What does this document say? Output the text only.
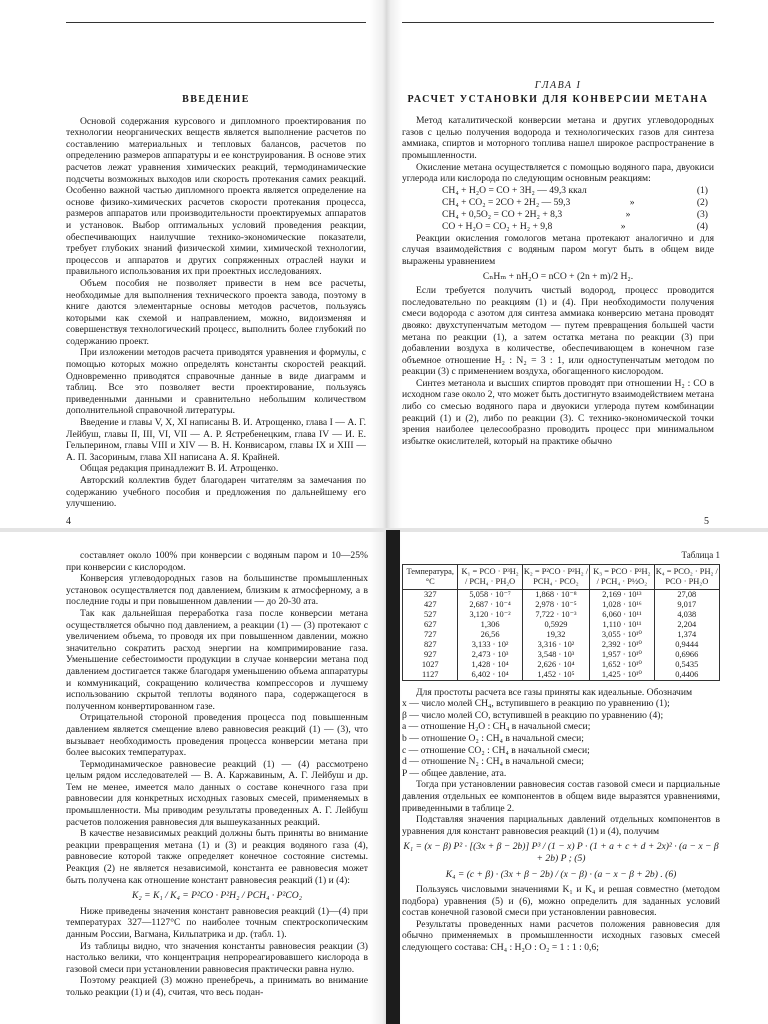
ВВЕДЕНИЕ

Основой содержания курсового и дипломного проектирования по технологии неорганических веществ является выполнение расчетов по составлению материальных и тепловых балансов, расчетов по определению размеров аппаратуры и ее конструирования. В основе этих расчетов лежат уравнения химических реакций, термодинамические подсчеты возможных выходов или скорость протекания самих реакций. Особенно важной частью дипломного проекта является определение на основе физико-химических расчетов скорости протекания процесса, размеров аппаратов или производительности проектируемых аппаратов и установок. Выбор оптимальных условий проведения реакции, обеспечивающих наилучшие технико-экономические показатели, требует глубоких знаний физической химии, химической технологии, процессов и аппаратов и других сопряженных отраслей науки и правильного использования их при проектных исследованиях.

Объем пособия не позволяет привести в нем все расчеты, необходимые для выполнения технического проекта завода, поэтому в книге даются элементарные основы методов расчетов, пользуясь которыми как схемой и направлением, можно, видоизменяя и совершенствуя технологический процесс, выполнить более глубокий по содержанию проект.

При изложении методов расчета приводятся уравнения и формулы, с помощью которых можно определять константы скоростей реакций. Одновременно приводятся справочные данные в виде диаграмм и таблиц. Все это позволяет вести проектирование, пользуясь приведенными данными и сравнительно небольшим количеством дополнительной справочной литературы.

Введение и главы V, X, XI написаны В. И. Атрощенко, глава I — А. Г. Лейбуш, главы II, III, VI, VII — А. Р. Ястребенецким, глава IV — И. Е. Гельперином, главы VIII и XIV — В. Н. Конвисаром, главы IX и XIII — А. П. Засориным, глава XII написана А. Я. Крайней.

Общая редакция принадлежит В. И. Атрощенко.

Авторский коллектив будет благодарен читателям за замечания по содержанию учебного пособия и предложения по дальнейшему его улучшению.

4
ГЛАВА I
РАСЧЕТ УСТАНОВКИ ДЛЯ КОНВЕРСИИ МЕТАНА

Метод каталитической конверсии метана и других углеводородных газов с целью получения водорода и технологических газов для синтеза аммиака, спиртов и моторного топлива нашел широкое распространение в промышленности.

Окисление метана осуществляется с помощью водяного пара, двуокиси углерода или кислорода по следующим основным реакциям:

CH₄ + H₂O = CO + 3H₂ — 49,3 ккал	(1)
CH₄ + CO₂ = 2CO + 2H₂ — 59,3	»	(2)
CH₄ + 0,5O₂ = CO + 2H₂ + 8,3	»	(3)
CO + H₂O = CO₂ + H₂ + 9,8	»	(4)

Реакции окисления гомологов метана протекают аналогично и для случая взаимодействия с водяным паром могут быть в общем виде выражены уравнением

CₙHₘ + nH₂O = nCO + (2n + m)/2 H₂.

Если требуется получить чистый водород, процесс проводится последовательно по реакциям (1) и (4). При необходимости получения смеси водорода с азотом для синтеза аммиака конверсию метана проводят двояко: двухступенчатым методом — путем превращения большей части метана по реакции (1), а затем остатка метана по реакции (3) при добавлении воздуха в количестве, обеспечивающем в конечном газе объемное отношение H₂ : N₂ = 3 : 1, или одноступенчатым методом по реакции (3) с применением воздуха, обогащенного кислородом.

Синтез метанола и высших спиртов проводят при отношении H₂ : CO в исходном газе около 2, что может быть достигнуто взаимодействием метана либо со смесью водяного пара и двуокиси углерода путем комбинации реакций (1) и (2), либо по реакции (3). С технико-экономической точки зрения наиболее целесообразно проводить процесс при минимальном избытке окислителей, который на практике обычно

5

составляет около 100% при конверсии с водяным паром и 10—25% при конверсии с кислородом.

Конверсия углеводородных газов на большинстве промышленных установок осуществляется под давлением, близким к атмосферному, а в последние годы и при повышенном давлении — до 20-30 ата.

Так как дальнейшая переработка газа после конверсии метана осуществляется обычно под давлением, а реакции (1) — (3) протекают с увеличением объема, то проводя их при повышенном давлении, можно значительно сократить расход энергии на компримирование газа. Уменьшение себестоимости продукции в случае конверсии метана под давлением достигается также благодаря уменьшению объема аппаратуры и коммуникаций, сокращению количества компрессоров и лучшему использованию скрытой теплоты водяного пара, содержащегося в полученном конвертированном газе.

Отрицательной стороной проведения процесса под повышенным давлением является смещение влево равновесия реакций (1) — (3), что вызывает необходимость проведения процесса конверсии метана при более высоких температурах.

Термодинамическое равновесие реакций (1) — (4) рассмотрено целым рядом исследователей — В. А. Каржавиным, А. Г. Лейбуш и др. Тем не менее, имеется мало данных о составе конечного газа при равновесии для конкретных исходных газовых смесей, применяемых в промышленности. Мы приводим результаты проведенных А. Г. Лейбуш расчетов положения равновесия для вышеуказанных реакций.

В качестве независимых реакций должны быть приняты во внимание реакции превращения метана (1) и (3) и реакция водяного газа (4), равновесие которой также определяет конечное состояние системы. Реакция (2) не является независимой, константа ее равновесия может быть получена как отношение констант равновесия реакций (1) и (4):

K₂ = K₁ / K₄ = P²CO · P²H₂ / PCH₄ · P²CO₂

Ниже приведены значения констант равновесия реакций (1)—(4) при температурах 327—1127°С по наиболее точным спектроскопическим данным России, Вагмана, Кильпатрика и др. (табл. 1).

Из таблицы видно, что значения константы равновесия реакции (3) настолько велики, что концентрация непрореагировавшего кислорода в газовой смеси при установлении равновесия практически равна нулю.

Поэтому реакцией (3) можно пренебречь, а принимать во внимание только реакции (1) и (4), считая, что весь подан-

Таблица 1
Температура, °С	K₁ = PCO · P³H₂ / PCH₄ · PH₂O	K₂ = P²CO · P²H₂ / PCH₄ · PCO₂	K₃ = PCO · P²H₂ / PCH₄ · P½O₂	K₄ = PCO₂ · PH₂ / PCO · PH₂O
327	5,058 · 10⁻⁷	1,868 · 10⁻⁸	2,169 · 10¹³	27,08
427	2,687 · 10⁻⁴	2,978 · 10⁻⁵	1,028 · 10¹⁶	9,017
527	3,120 · 10⁻²	7,722 · 10⁻³	6,060 · 10¹¹	4,038
627	1,306	0,5929	1,110 · 10¹¹	2,204
727	26,56	19,32	3,055 · 10¹⁰	1,374
827	3,133 · 10²	3,316 · 10²	2,392 · 10¹⁰	0,9444
927	2,473 · 10³	3,548 · 10³	1,957 · 10¹⁰	0,6966
1027	1,428 · 10⁴	2,626 · 10⁴	1,652 · 10¹⁰	0,5435
1127	6,402 · 10⁴	1,452 · 10⁵	1,425 · 10¹⁰	0,4406

Для простоты расчета все газы приняты как идеальные. Обозначим

x — число молей CH₄, вступившего в реакцию по уравнению (1);
β — число молей CO, вступившей в реакцию по уравнению (4);
a — отношение H₂O : CH₄ в начальной смеси;
b — отношение O₂ : CH₄ в начальной смеси;
c — отношение CO₂ : CH₄ в начальной смеси;
d — отношение N₂ : CH₄ в начальной смеси;
P — общее давление, ата.

Тогда при установлении равновесия состав газовой смеси и парциальные давления отдельных ее компонентов в общем виде выразятся уравнениями, приведенными в таблице 2.

Подставляя значения парциальных давлений отдельных компонентов в уравнения для констант равновесия реакций (1) и (4), получим

K₁ = (x − β) P² · [(3x + β − 2b)] P³ / (1 − x) P · (1 + a + c + d + 2x)² · (a − x − β + 2b) P ; (5)
K₄ = (c + β) · (3x + β − 2b) / (x − β) · (a − x − β + 2b) . (6)

Пользуясь числовыми значениями K₁ и K₄ и решая совместно (методом подбора) уравнения (5) и (6), можно определить для заданных условий состав конечной газовой смеси при установлении равновесия.

Результаты проведенных нами расчетов положения равновесия для обычно применяемых в промышленности исходных газовых смесей следующего состава: CH₄ : H₂O : O₂ = 1 : 1 : 0,6;
